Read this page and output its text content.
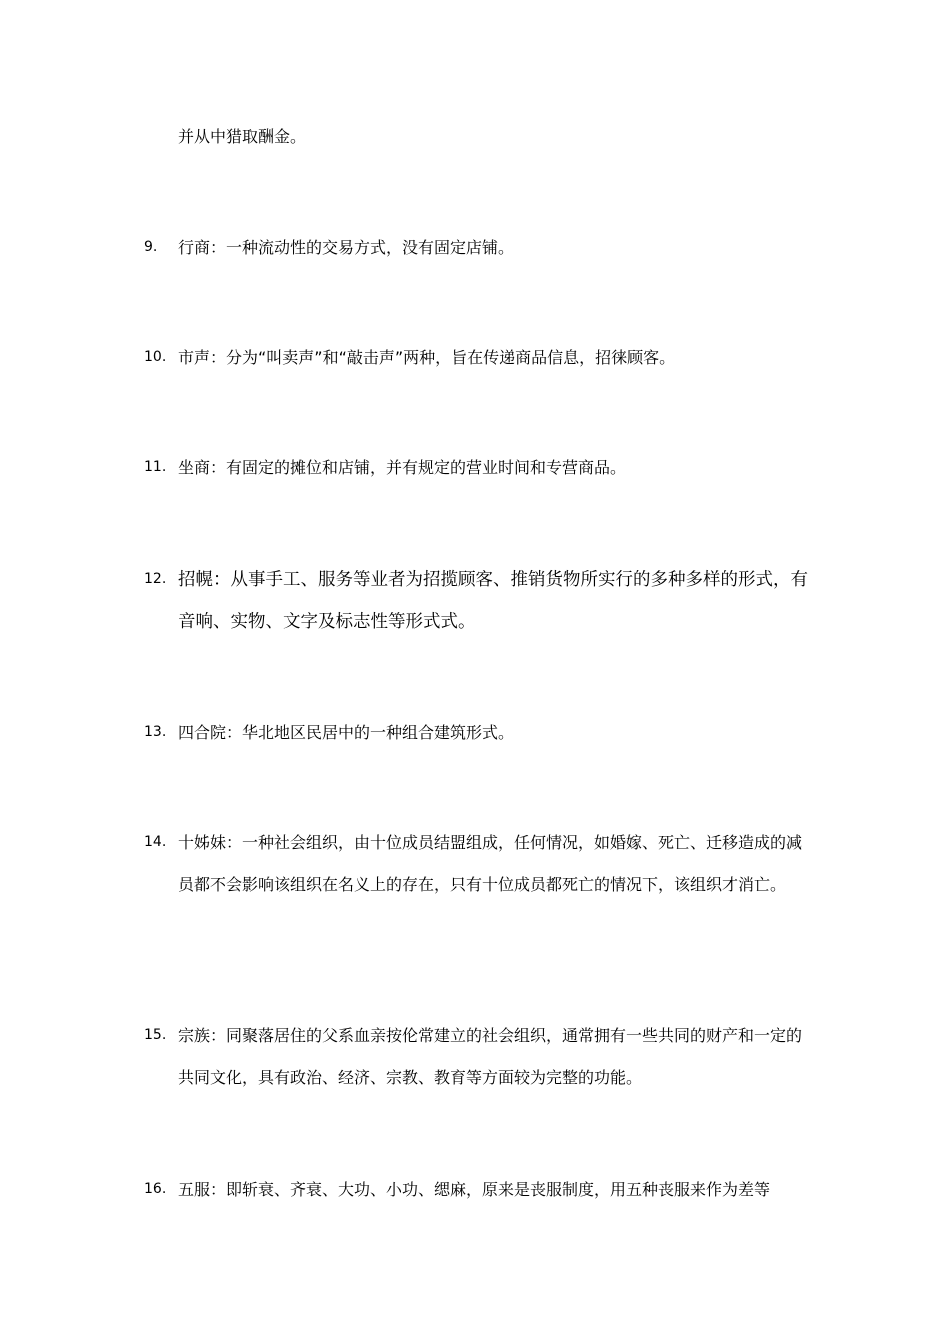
并从中猎取酬金。
9. 行商：一种流动性的交易方式，没有固定店铺。
10. 市声：分为“叫卖声”和“敲击声”两种，旨在传递商品信息，招徕顾客。
11. 坐商：有固定的摊位和店铺，并有规定的营业时间和专营商品。
12. 招幌：从事手工、服务等业者为招揽顾客、推销货物所实行的多种多样的形式，有音响、实物、文字及标志性等形式式。
13. 四合院：华北地区民居中的一种组合建筑形式。
14. 十姊妹：一种社会组织，由十位成员结盟组成，任何情况，如婚嫁、死亡、迁移造成的减员都不会影响该组织在名义上的存在，只有十位成员都死亡的情况下，该组织才消亡。
15. 宗族：同聚落居住的父系血亲按伦常建立的社会组织，通常拥有一些共同的财产和一定的共同文化，具有政治、经济、宗教、教育等方面较为完整的功能。
16. 五服：即斩衰、齐衰、大功、小功、缌麻，原来是丧服制度，用五种丧服来作为差等
